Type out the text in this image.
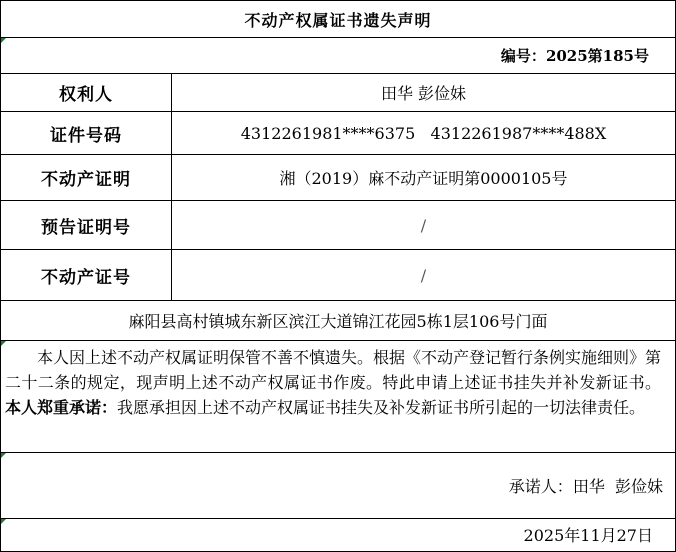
不动产权属证书遗失声明
编号： 2025第185号
权利人	田华 彭俭妹
证件号码	4312261981****6375   4312261987****488X
不动产证明	湘（2019）麻不动产证明第0000105号
预告证明号	/
不动产证号	/
麻阳县高村镇城东新区滨江大道锦江花园5栋1层106号门面
本人因上述不动产权属证明保管不善不慎遗失。根据《不动产登记暂行条例实施细则》第二十二条的规定，现声明上述不动产权属证书作废。特此申请上述证书挂失并补发新证书。本人郑重承诺：我愿承担因上述不动产权属证书挂失及补发新证书所引起的一切法律责任。
承诺人： 田华  彭俭妹
2025年11月27日
